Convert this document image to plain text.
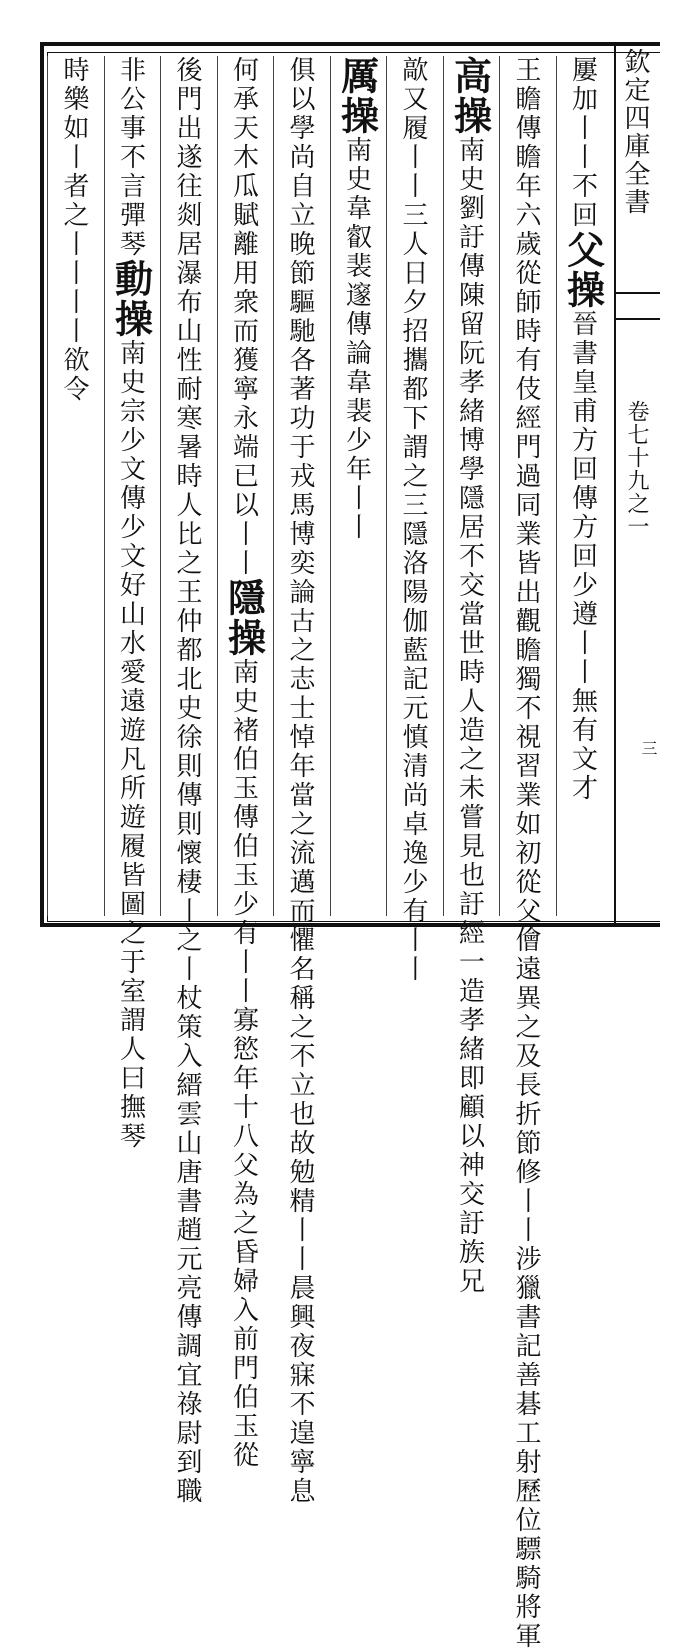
欽定四庫全書
卷七十九之一
三
屢加丨丨不回父操晉書皇甫方回傳方回少遵丨丨無有文才
王瞻傳瞻年六歲從師時有伎經門過同業皆出觀瞻獨不視習業如初從父儈遠異之及長折節修丨丨涉獵書記善碁工射歷位驃騎將軍
高操南史劉訏傳陳留阮孝緒博學隱居不交當世時人造之未嘗見也訏經一造孝緒即顧以神交訏族兄
歊又履丨丨三人日夕招攜都下謂之三隱洛陽伽藍記元慎清尚卓逸少有丨丨
厲操南史韋叡裴邃傳論韋裴少年丨丨
俱以學尚自立晚節驅馳各著功于戎馬博奕論古之志士悼年當之流邁而懼名稱之不立也故勉精丨丨晨興夜寐不遑寧息
何承天木瓜賦離用衆而獲寧永端已以丨丨隱操南史褚伯玉傳伯玉少有丨丨寡慾年十八父為之昏婦入前門伯玉從
後門出遂往剡居瀑布山性耐寒暑時人比之王仲都北史徐則傳則懷棲丨之丨杖策入縉雲山唐書趙元亮傳調宜祿尉到職
非公事不言彈琴動操南史宗少文傳少文好山水愛遠遊凡所遊履皆圖之于室謂人曰撫琴
時樂如丨者之丨丨丨丨欲令
